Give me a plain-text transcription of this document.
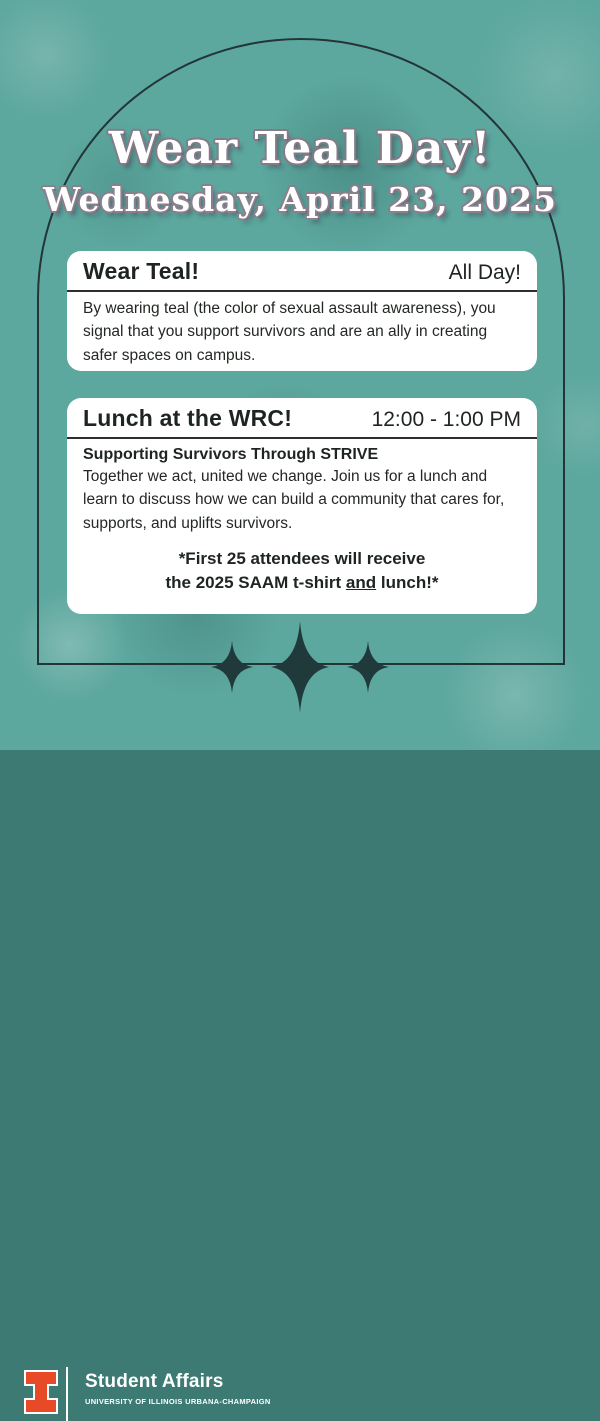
Wear Teal Day!
Wednesday, April 23, 2025
Wear Teal!	All Day!
By wearing teal (the color of sexual assault awareness), you signal that you support survivors and are an ally in creating safer spaces on campus.
Lunch at the WRC!	12:00 - 1:00 PM
Supporting Survivors Through STRIVE
Together we act, united we change. Join us for a lunch and learn to discuss how we can build a community that cares for, supports, and uplifts survivors.
*First 25 attendees will receive
the 2025 SAAM t-shirt and lunch!*
Student Affairs
UNIVERSITY OF ILLINOIS URBANA-CHAMPAIGN
